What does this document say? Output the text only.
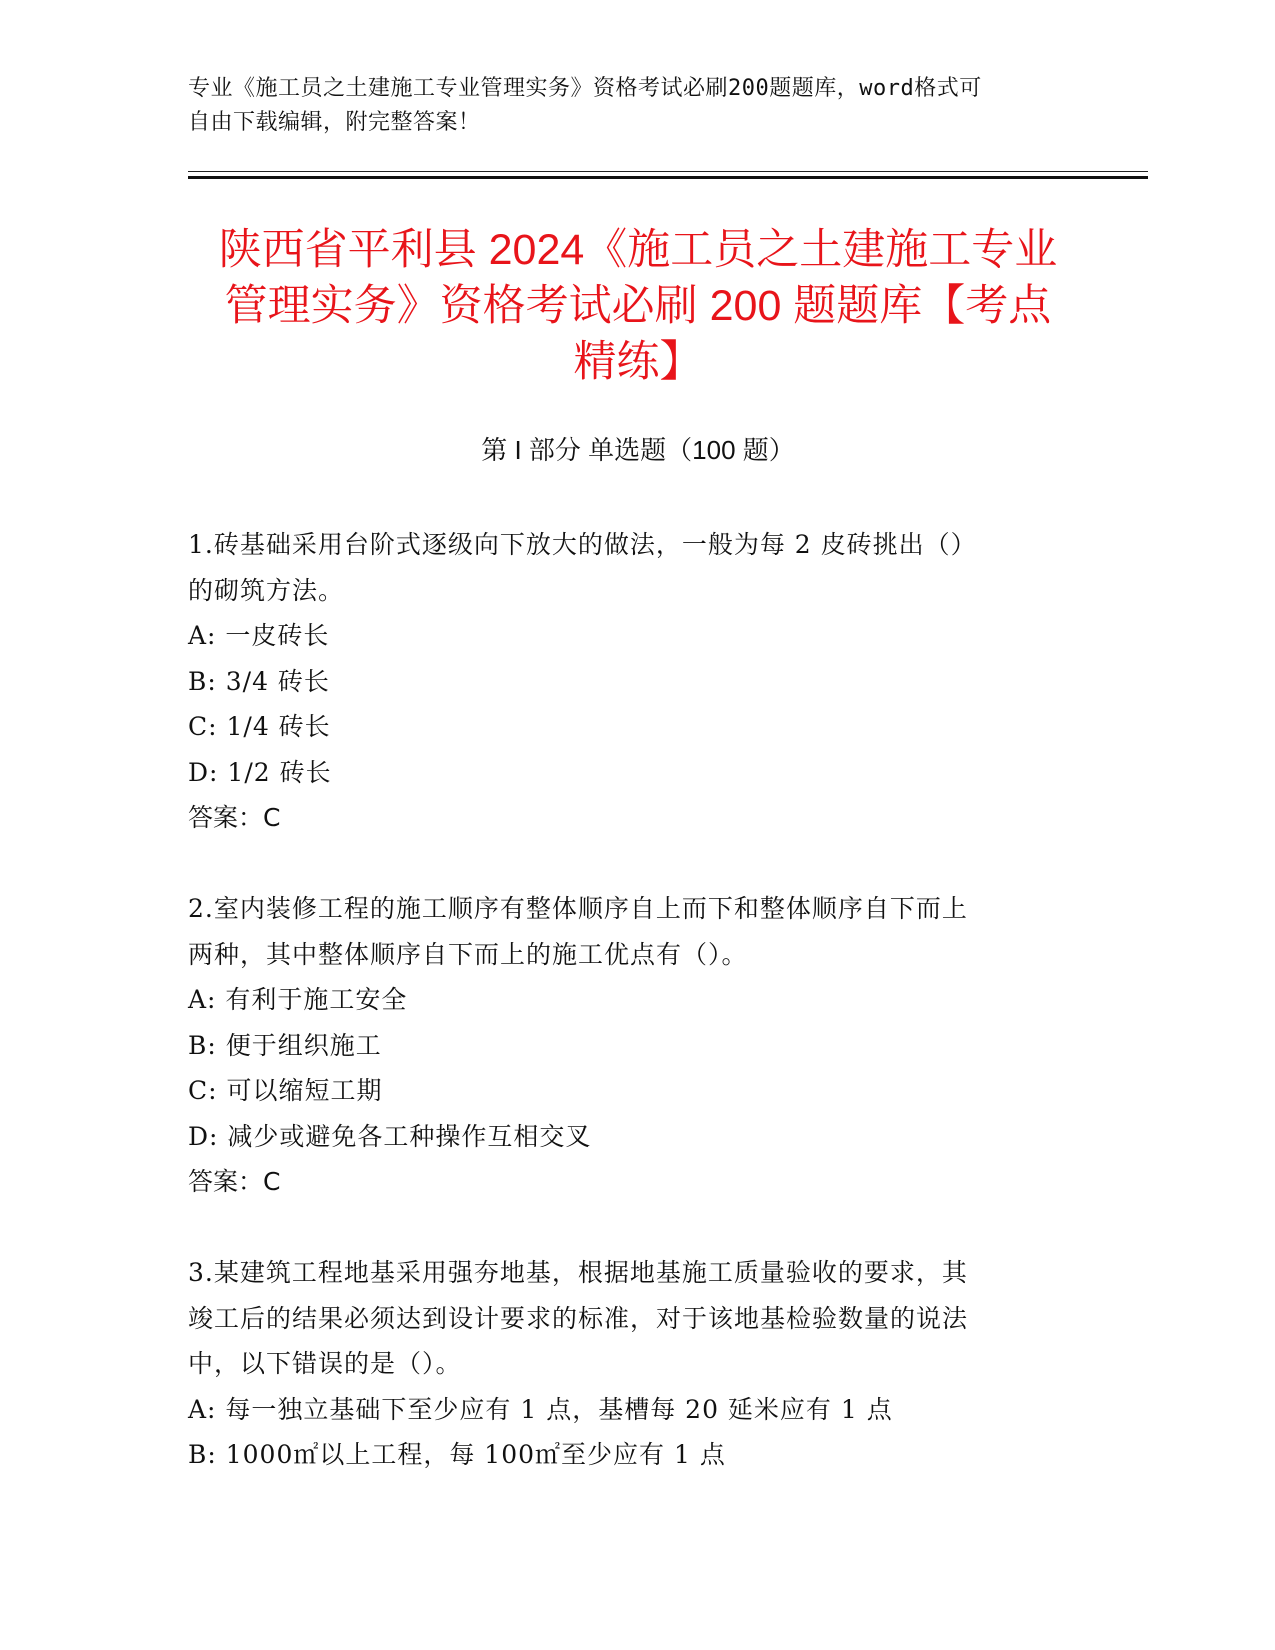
专业《施工员之土建施工专业管理实务》资格考试必刷200题题库，word格式可
自由下载编辑，附完整答案！
陕西省平利县 2024《施工员之土建施工专业
管理实务》资格考试必刷 200 题题库【考点
精练】
第 I 部分 单选题（100 题）
1.砖基础采用台阶式逐级向下放大的做法，一般为每 2 皮砖挑出（）
的砌筑方法。
A: 一皮砖长
B: 3/4 砖长
C: 1/4 砖长
D: 1/2 砖长
答案：C
2.室内装修工程的施工顺序有整体顺序自上而下和整体顺序自下而上
两种，其中整体顺序自下而上的施工优点有（）。
A: 有利于施工安全
B: 便于组织施工
C: 可以缩短工期
D: 减少或避免各工种操作互相交叉
答案：C
3.某建筑工程地基采用强夯地基，根据地基施工质量验收的要求，其
竣工后的结果必须达到设计要求的标准，对于该地基检验数量的说法
中，以下错误的是（）。
A: 每一独立基础下至少应有 1 点，基槽每 20 延米应有 1 点
B: 1000㎡以上工程，每 100㎡至少应有 1 点
